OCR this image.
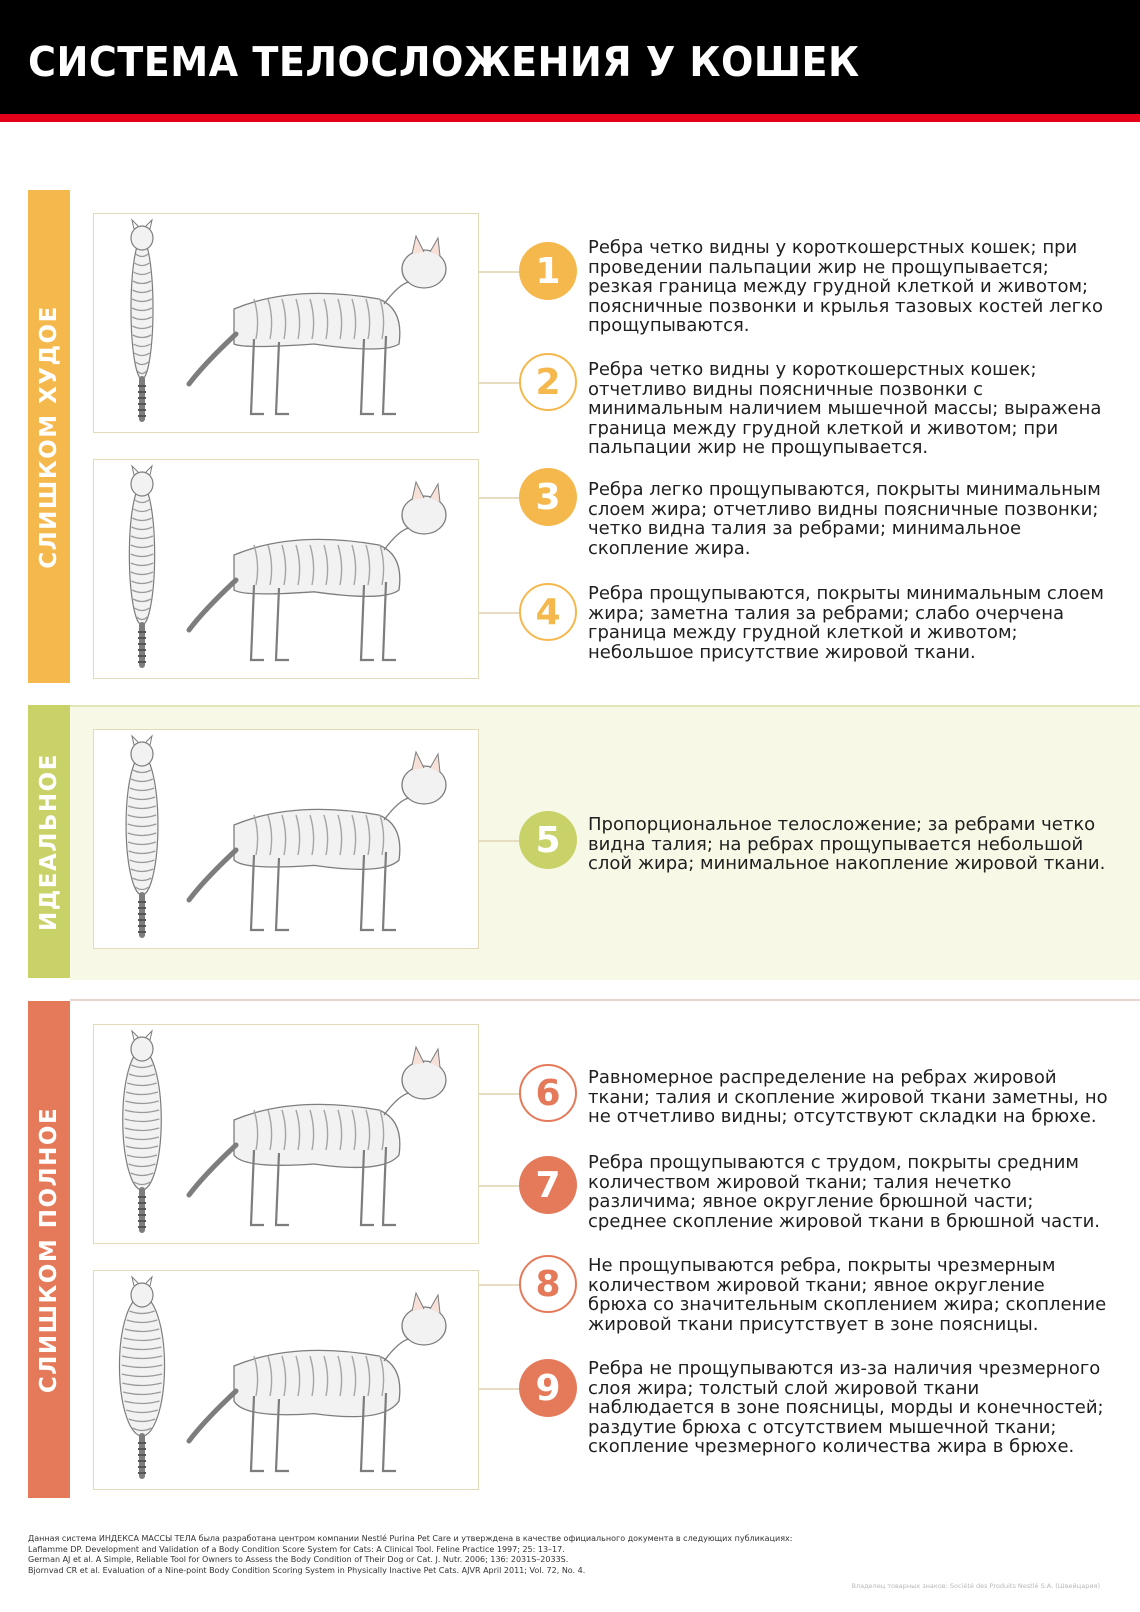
СИСТЕМА ТЕЛОСЛОЖЕНИЯ У КОШЕК
СЛИШКОМ ХУДОЕ
ИДЕАЛЬНОЕ
СЛИШКОМ ПОЛНОЕ
1
2
3
4
5
6
7
8
9

Ребра четко видны у короткошерстных кошек; при проведении пальпации жир не прощупывается; резкая граница между грудной клеткой и животом; поясничные позвонки и крылья тазовых костей легко прощупываются.

Ребра четко видны у короткошерстных кошек; отчетливо видны поясничные позвонки с минимальным наличием мышечной массы; выражена граница между грудной клеткой и животом; при пальпации жир не прощупывается.

Ребра легко прощупываются, покрыты минимальным слоем жира; отчетливо видны поясничные позвонки; четко видна талия за ребрами; минимальное скопление жира.

Ребра прощупываются, покрыты минимальным слоем жира; заметна талия за ребрами; слабо очерчена граница между грудной клеткой и животом; небольшое присутствие жировой ткани.

Пропорциональное телосложение; за ребрами четко видна талия; на ребрах прощупывается небольшой слой жира; минимальное накопление жировой ткани.

Равномерное распределение на ребрах жировой ткани; талия и скопление жировой ткани заметны, но не отчетливо видны; отсутствуют складки на брюхе.

Ребра прощупываются с трудом, покрыты средним количеством жировой ткани; талия нечетко различима; явное округление брюшной части; среднее скопление жировой ткани в брюшной части.

Не прощупываются ребра, покрыты чрезмерным количеством жировой ткани; явное округление брюха со значительным скоплением жира; скопление жировой ткани присутствует в зоне поясницы.

Ребра не прощупываются из-за наличия чрезмерного слоя жира; толстый слой жировой ткани наблюдается в зоне поясницы, морды и конечностей; раздутие брюха с отсутствием мышечной ткани; скопление чрезмерного количества жира в брюхе.

Данная система ИНДЕКСА МАССЫ ТЕЛА была разработана центром компании Nestlé Purina Pet Care и утверждена в качестве официального документа в следующих публикациях:

Laflamme DP. Development and Validation of a Body Condition Score System for Cats: A Clinical Tool. Feline Practice 1997; 25: 13–17.

German AJ et al. A Simple, Reliable Tool for Owners to Assess the Body Condition of Their Dog or Cat. J. Nutr. 2006; 136: 2031S–2033S.

Bjornvad CR et al. Evaluation of a Nine-point Body Condition Scoring System in Physically Inactive Pet Cats. AJVR April 2011; Vol. 72, No. 4.

Владелец товарных знаков: Société des Produits Nestlé S.A. (Швейцария)
